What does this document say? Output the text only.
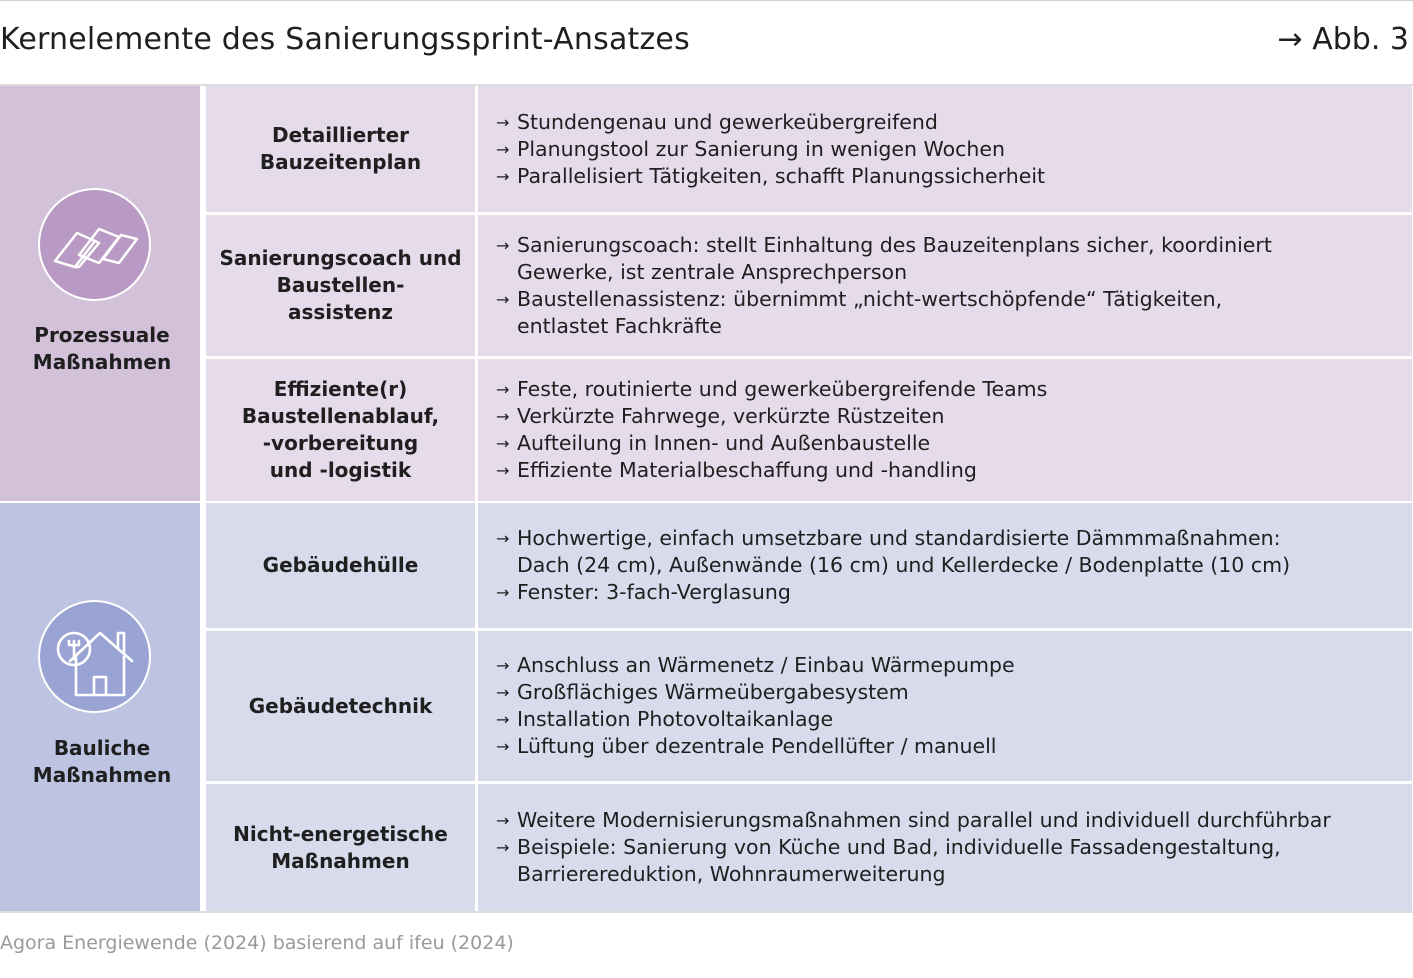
Kernelemente des Sanierungssprint-Ansatzes	→ Abb. 3
Prozessuale
Maßnahmen
Detaillierter
Bauzeitenplan
→ Stundengenau und gewerkeübergreifend
→ Planungstool zur Sanierung in wenigen Wochen
→ Parallelisiert Tätigkeiten, schafft Planungssicherheit
Sanierungscoach und
Baustellen-
assistenz
→ Sanierungscoach: stellt Einhaltung des Bauzeitenplans sicher, koordiniert
Gewerke, ist zentrale Ansprechperson
→ Baustellenassistenz: übernimmt „nicht-wertschöpfende“ Tätigkeiten,
entlastet Fachkräfte
Effiziente(r)
Baustellenablauf,
-vorbereitung
und -logistik
→ Feste, routinierte und gewerkeübergreifende Teams
→ Verkürzte Fahrwege, verkürzte Rüstzeiten
→ Aufteilung in Innen- und Außenbaustelle
→ Effiziente Materialbeschaffung und -handling
Bauliche
Maßnahmen
Gebäudehülle
→ Hochwertige, einfach umsetzbare und standardisierte Dämmmaßnahmen:
Dach (24 cm), Außenwände (16 cm) und Kellerdecke / Bodenplatte (10 cm)
→ Fenster: 3-fach-Verglasung
Gebäudetechnik
→ Anschluss an Wärmenetz / Einbau Wärmepumpe
→ Großflächiges Wärmeübergabesystem
→ Installation Photovoltaikanlage
→ Lüftung über dezentrale Pendellüfter / manuell
Nicht-energetische
Maßnahmen
→ Weitere Modernisierungsmaßnahmen sind parallel und individuell durchführbar
→ Beispiele: Sanierung von Küche und Bad, individuelle Fassadengestaltung,
Barrierereduktion, Wohnraumerweiterung
Agora Energiewende (2024) basierend auf ifeu (2024)
